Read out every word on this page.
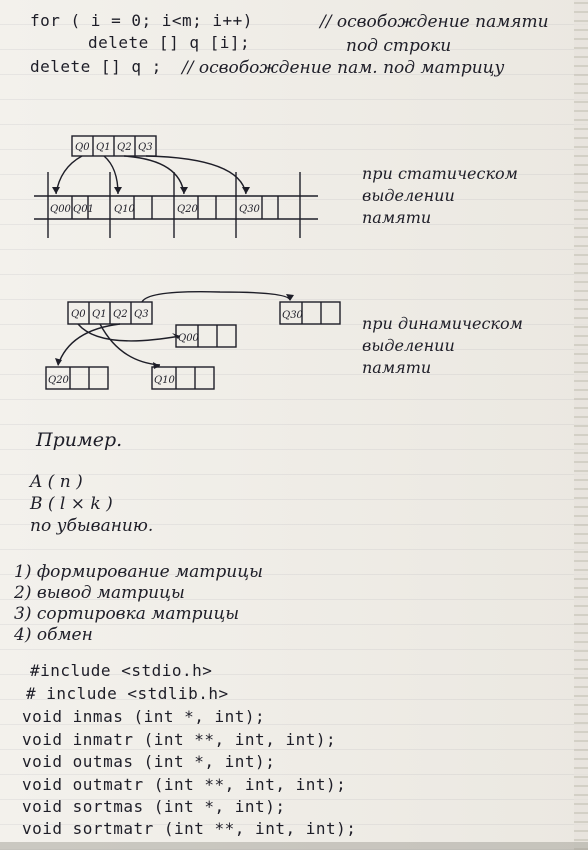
for ( i = 0; i<m; i++)
delete [] q [i];
delete [] q ;
// освобождение памяти
под строки
// освобождение пам. под матрицу
Q0 Q1 Q2 Q3
Q00 Q01 Q10	Q20	Q30
при статическом
выделении
памяти
Q0 Q1 Q2 Q3	Q30
Q00
Q20	Q10
при динамическом
выделении
памяти
Пример.
A ( n )
B ( l × k )
по убыванию.
1) формирование матрицы
2) вывод матрицы
3) сортировка матрицы
4) обмен
#include <stdio.h>
# include <stdlib.h>
void inmas (int *, int);
void inmatr (int **, int, int);
void outmas (int *, int);
void outmatr (int **, int, int);
void sortmas (int *, int);
void sortmatr (int **, int, int);
